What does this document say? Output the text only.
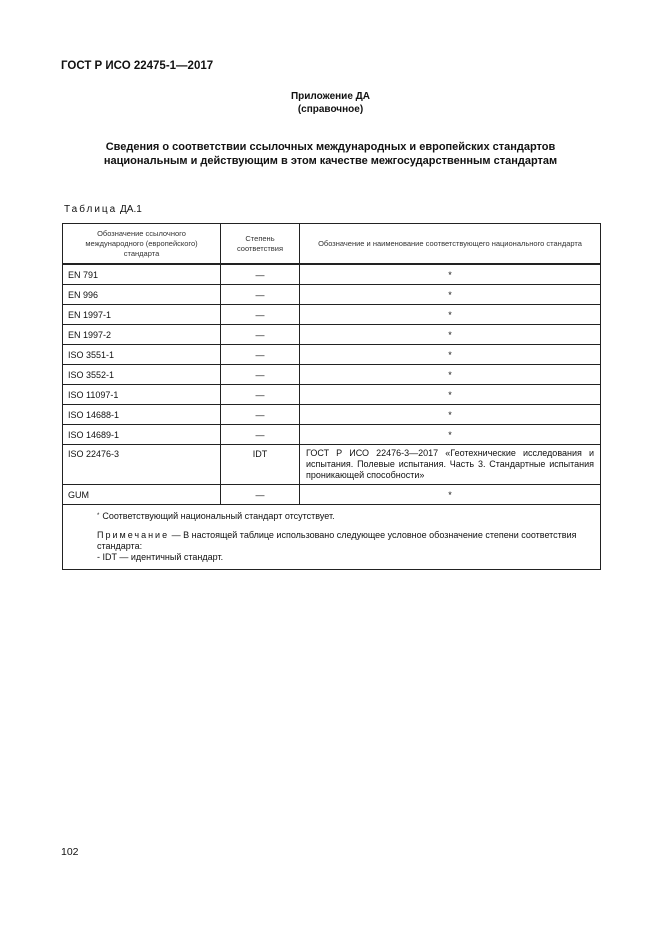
ГОСТ Р ИСО 22475-1—2017
Приложение ДА
(справочное)
Сведения о соответствии ссылочных международных и европейских стандартов
национальным и действующим в этом качестве межгосударственным стандартам
Таблица ДА.1
Обозначение ссылочного международного (европейского) стандарта	Степень соответствия	Обозначение и наименование соответствующего национального стандарта
EN 791	—	*
EN 996	—	*
EN 1997-1	—	*
EN 1997-2	—	*
ISO 3551-1	—	*
ISO 3552-1	—	*
ISO 11097-1	—	*
ISO 14688-1	—	*
ISO 14689-1	—	*
ISO 22476-3	IDT	ГОСТ Р ИСО 22476-3—2017 «Геотехнические исследования и испытания. Полевые испытания. Часть 3. Стандартные испытания проникающей способности»
GUM	—	*

* Соответствующий национальный стандарт отсутствует.
Примечание — В настоящей таблице использовано следующее условное обозначение степени соответствия стандарта:
- IDT — идентичный стандарт.		
102
